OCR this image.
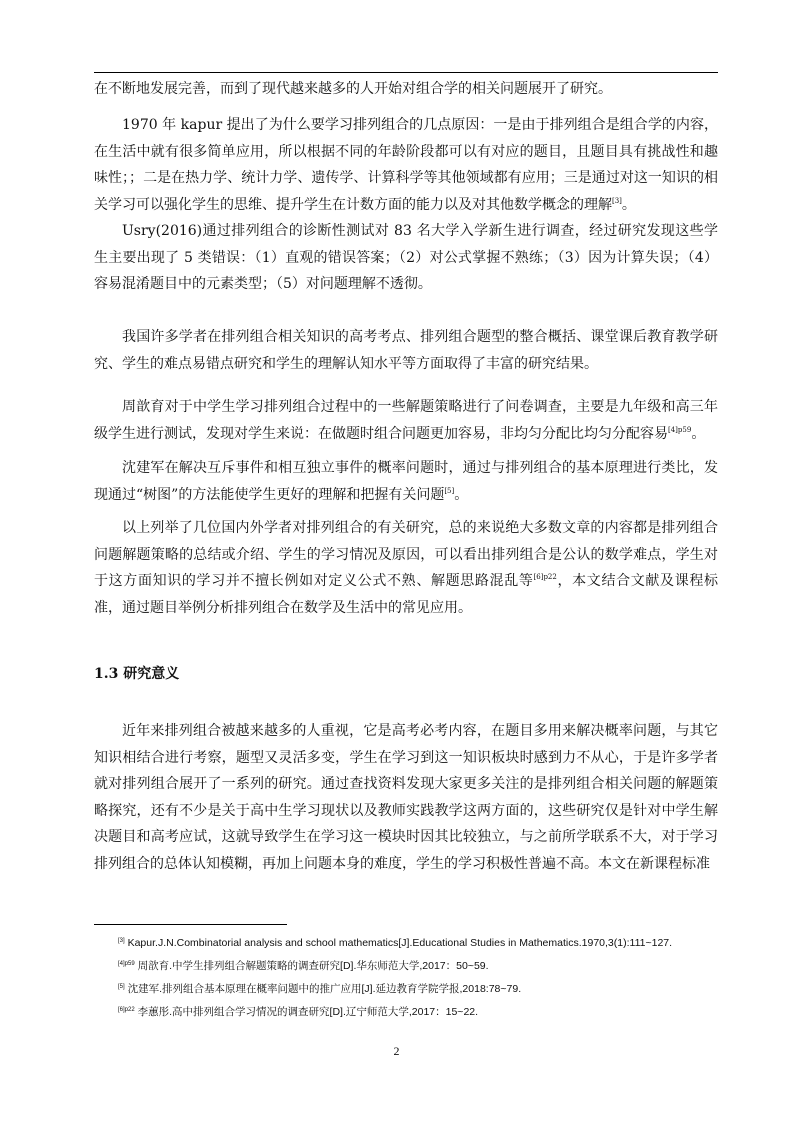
在不断地发展完善，而到了现代越来越多的人开始对组合学的相关问题展开了研究。

1970 年 kapur 提出了为什么要学习排列组合的几点原因：一是由于排列组合是组合学的内容，在生活中就有很多简单应用，所以根据不同的年龄阶段都可以有对应的题目，且题目具有挑战性和趣味性；；二是在热力学、统计力学、遗传学、计算科学等其他领域都有应用；三是通过对这一知识的相关学习可以强化学生的思维、提升学生在计数方面的能力以及对其他数学概念的理解[3]。

Usry(2016)通过排列组合的诊断性测试对 83 名大学入学新生进行调查，经过研究发现这些学生主要出现了 5 类错误：（1）直观的错误答案；（2）对公式掌握不熟练；（3）因为计算失误；（4）容易混淆题目中的元素类型；（5）对问题理解不透彻。

我国许多学者在排列组合相关知识的高考考点、排列组合题型的整合概括、课堂课后教育教学研究、学生的难点易错点研究和学生的理解认知水平等方面取得了丰富的研究结果。

周歆育对于中学生学习排列组合过程中的一些解题策略进行了问卷调查，主要是九年级和高三年级学生进行测试，发现对学生来说：在做题时组合问题更加容易，非均匀分配比均匀分配容易$^{[4]p59}$。

沈建军在解决互斥事件和相互独立事件的概率问题时，通过与排列组合的基本原理进行类比，发现通过“树图”的方法能使学生更好的理解和把握有关问题[5]。

以上列举了几位国内外学者对排列组合的有关研究，总的来说绝大多数文章的内容都是排列组合问题解题策略的总结或介绍、学生的学习情况及原因，可以看出排列组合是公认的数学难点，学生对于这方面知识的学习并不擅长例如对定义公式不熟、解题思路混乱等$^{[6]p22}$，本文结合文献及课程标准，通过题目举例分析排列组合在数学及生活中的常见应用。

1.3 研究意义

近年来排列组合被越来越多的人重视，它是高考必考内容，在题目多用来解决概率问题，与其它知识相结合进行考察，题型又灵活多变，学生在学习到这一知识板块时感到力不从心，于是许多学者就对排列组合展开了一系列的研究。通过查找资料发现大家更多关注的是排列组合相关问题的解题策略探究，还有不少是关于高中生学习现状以及教师实践教学这两方面的，这些研究仅是针对中学生解决题目和高考应试，这就导致学生在学习这一模块时因其比较独立，与之前所学联系不大，对于学习排列组合的总体认知模糊，再加上问题本身的难度，学生的学习积极性普遍不高。本文在新课程标准

[3] Kapur.J.N.Combinatorial analysis and school mathematics[J].Educational Studies in Mathematics.1970,3(1):111~127.

$^{[4]p59}$ 周歆育.中学生排列组合解题策略的调查研究[D].华东师范大学,2017：50~59.

[5] 沈建军.排列组合基本原理在概率问题中的推广应用[J].延边教育学院学报,2018:78~79.

$^{[6]p22}$ 李蕙彤.高中排列组合学习情况的调查研究[D].辽宁师范大学,2017：15~22.

2
